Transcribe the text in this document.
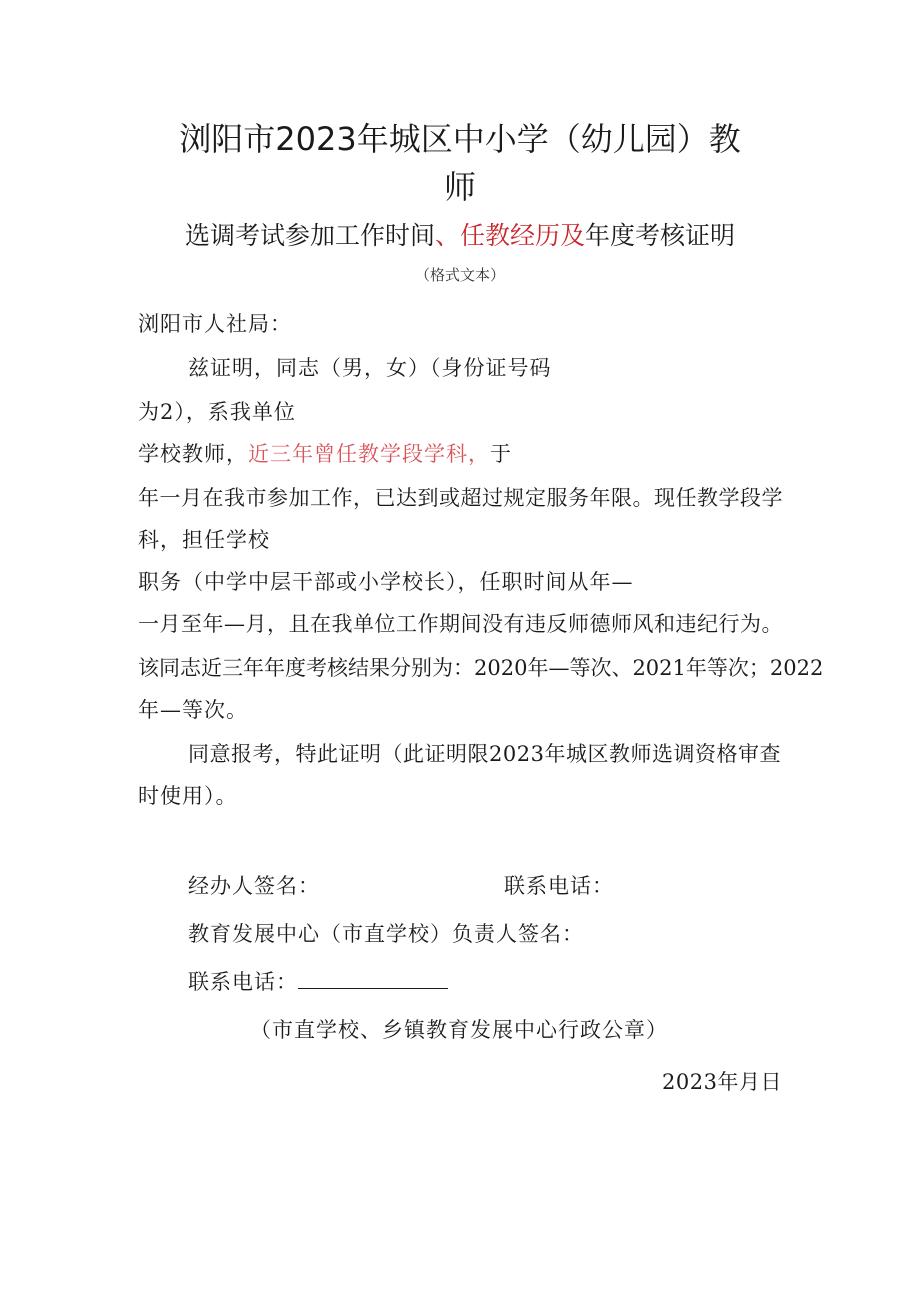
浏阳市2023年城区中小学（幼儿园）教
师
选调考试参加工作时间、任教经历及年度考核证明
（格式文本）
浏阳市人社局：
兹证明，同志（男，女）（身份证号码
为2），系我单位
学校教师，近三年曾任教学段学科，于
年一月在我市参加工作，已达到或超过规定服务年限。现任教学段学
科，担任学校
职务（中学中层干部或小学校长），任职时间从年—
一月至年—月，且在我单位工作期间没有违反师德师风和违纪行为。
该同志近三年年度考核结果分别为：2020年—等次、2021年等次；2022
年—等次。
同意报考，特此证明（此证明限2023年城区教师选调资格审查
时使用）。
经办人签名：	联系电话：
教育发展中心（市直学校）负责人签名：
联系电话：
（市直学校、乡镇教育发展中心行政公章）
2023年月日
